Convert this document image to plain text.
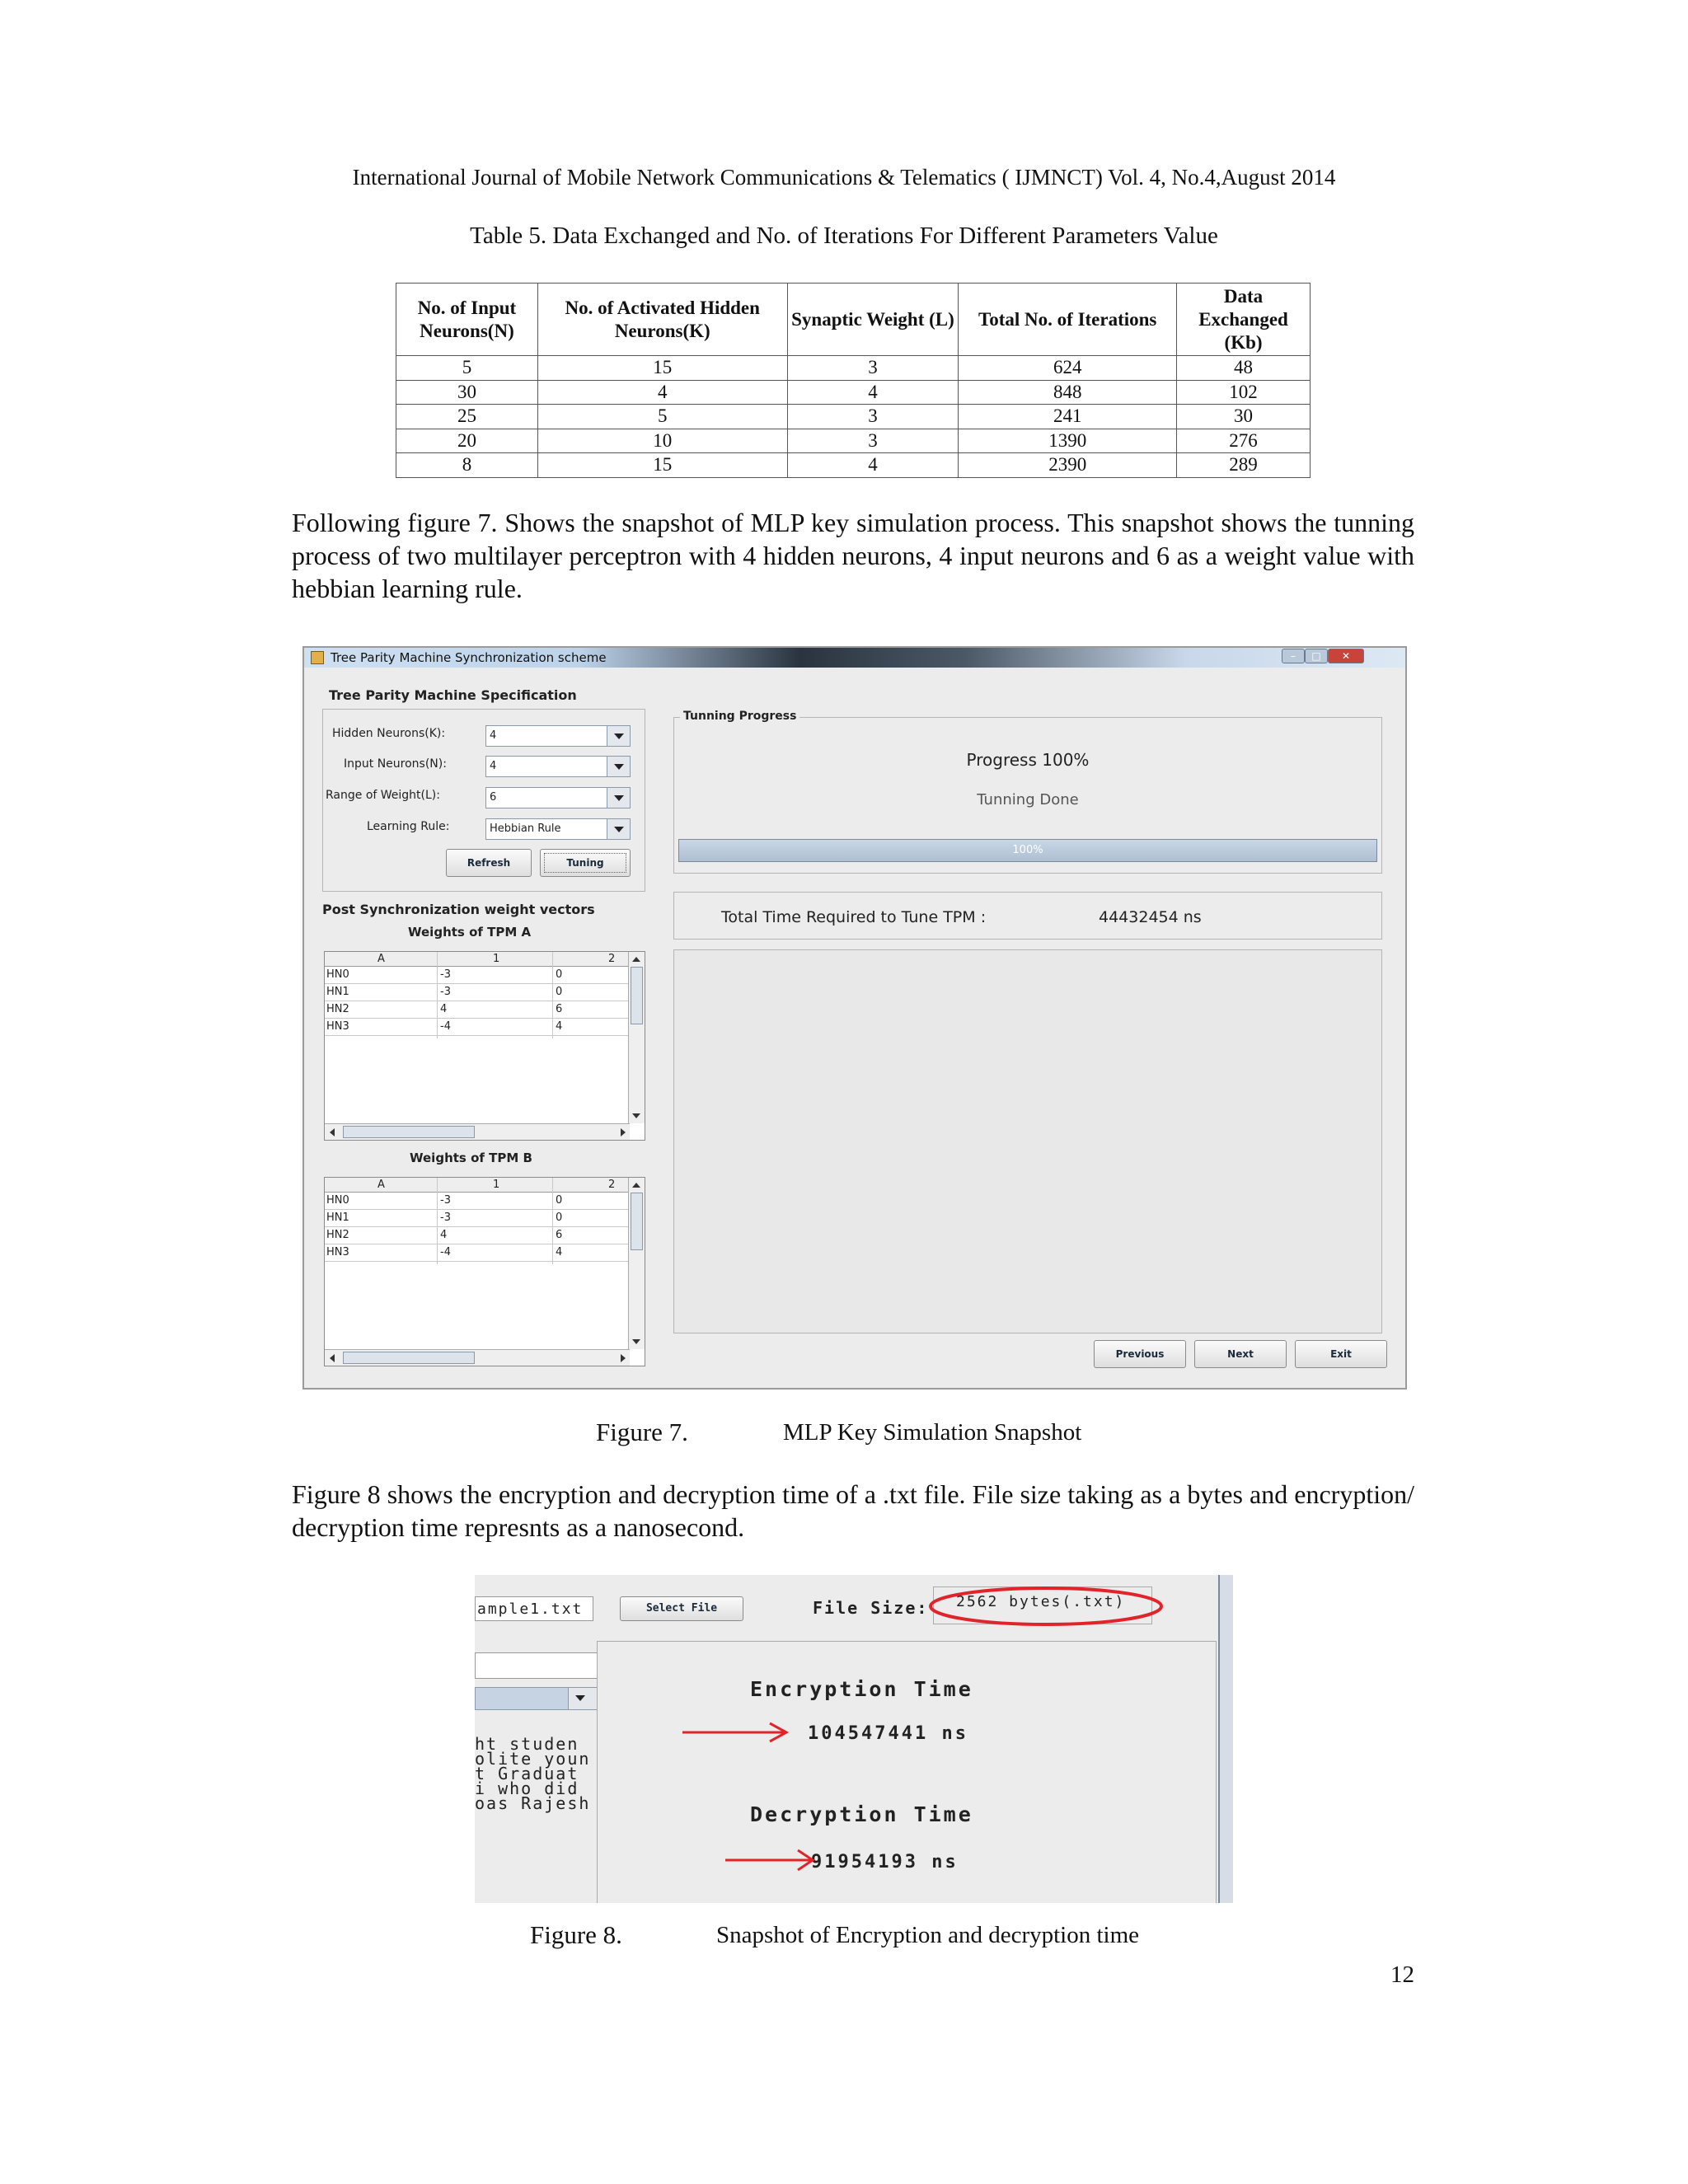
International Journal of Mobile Network Communications & Telematics ( IJMNCT) Vol. 4, No.4,August 2014
Table 5. Data Exchanged and No. of Iterations For Different Parameters Value
No. of Input Neurons(N)	No. of Activated Hidden Neurons(K)	Synaptic Weight (L)	Total No. of Iterations	Data Exchanged (Kb)
5	15	3	624	48
30	4	4	848	102
25	5	3	241	30
20	10	3	1390	276
8	15	4	2390	289

Following figure 7. Shows the snapshot of MLP key simulation process. This snapshot shows the tunning process of two multilayer perceptron with 4 hidden neurons, 4 input neurons and 6 as a weight value with hebbian learning rule.

Tree Parity Machine Synchronization scheme	–	□	✕
Tree Parity Machine Specification
Hidden Neurons(K):	4
Input Neurons(N):	4
Range of Weight(L):	6
Learning Rule:	Hebbian Rule
Refresh	Tuning
Post Synchronization weight vectors
Weights of TPM A
A	1	2
HN0	-3	0
HN1	-3	0
HN2	4	6
HN3	-4	4
Weights of TPM B
A	1	2
HN0	-3	0
HN1	-3	0
HN2	4	6
HN3	-4	4
Tunning Progress
Progress 100%
Tunning Done
100%
Total Time Required to Tune TPM :	44432454 ns
Previous	Next	Exit
Figure 7.	MLP Key Simulation Snapshot

Figure 8 shows the encryption and decryption time of a .txt file. File size taking as a bytes and encryption/ decryption time represnts as a nanosecond.

ample1.txt	Select File	File Size: 2562 bytes(.txt)
ht studen
olite youn
t Graduat
i who did
oas Rajesh
Encryption Time
104547441 ns
Decryption Time
91954193 ns
Figure 8.	Snapshot of Encryption and decryption time
12
